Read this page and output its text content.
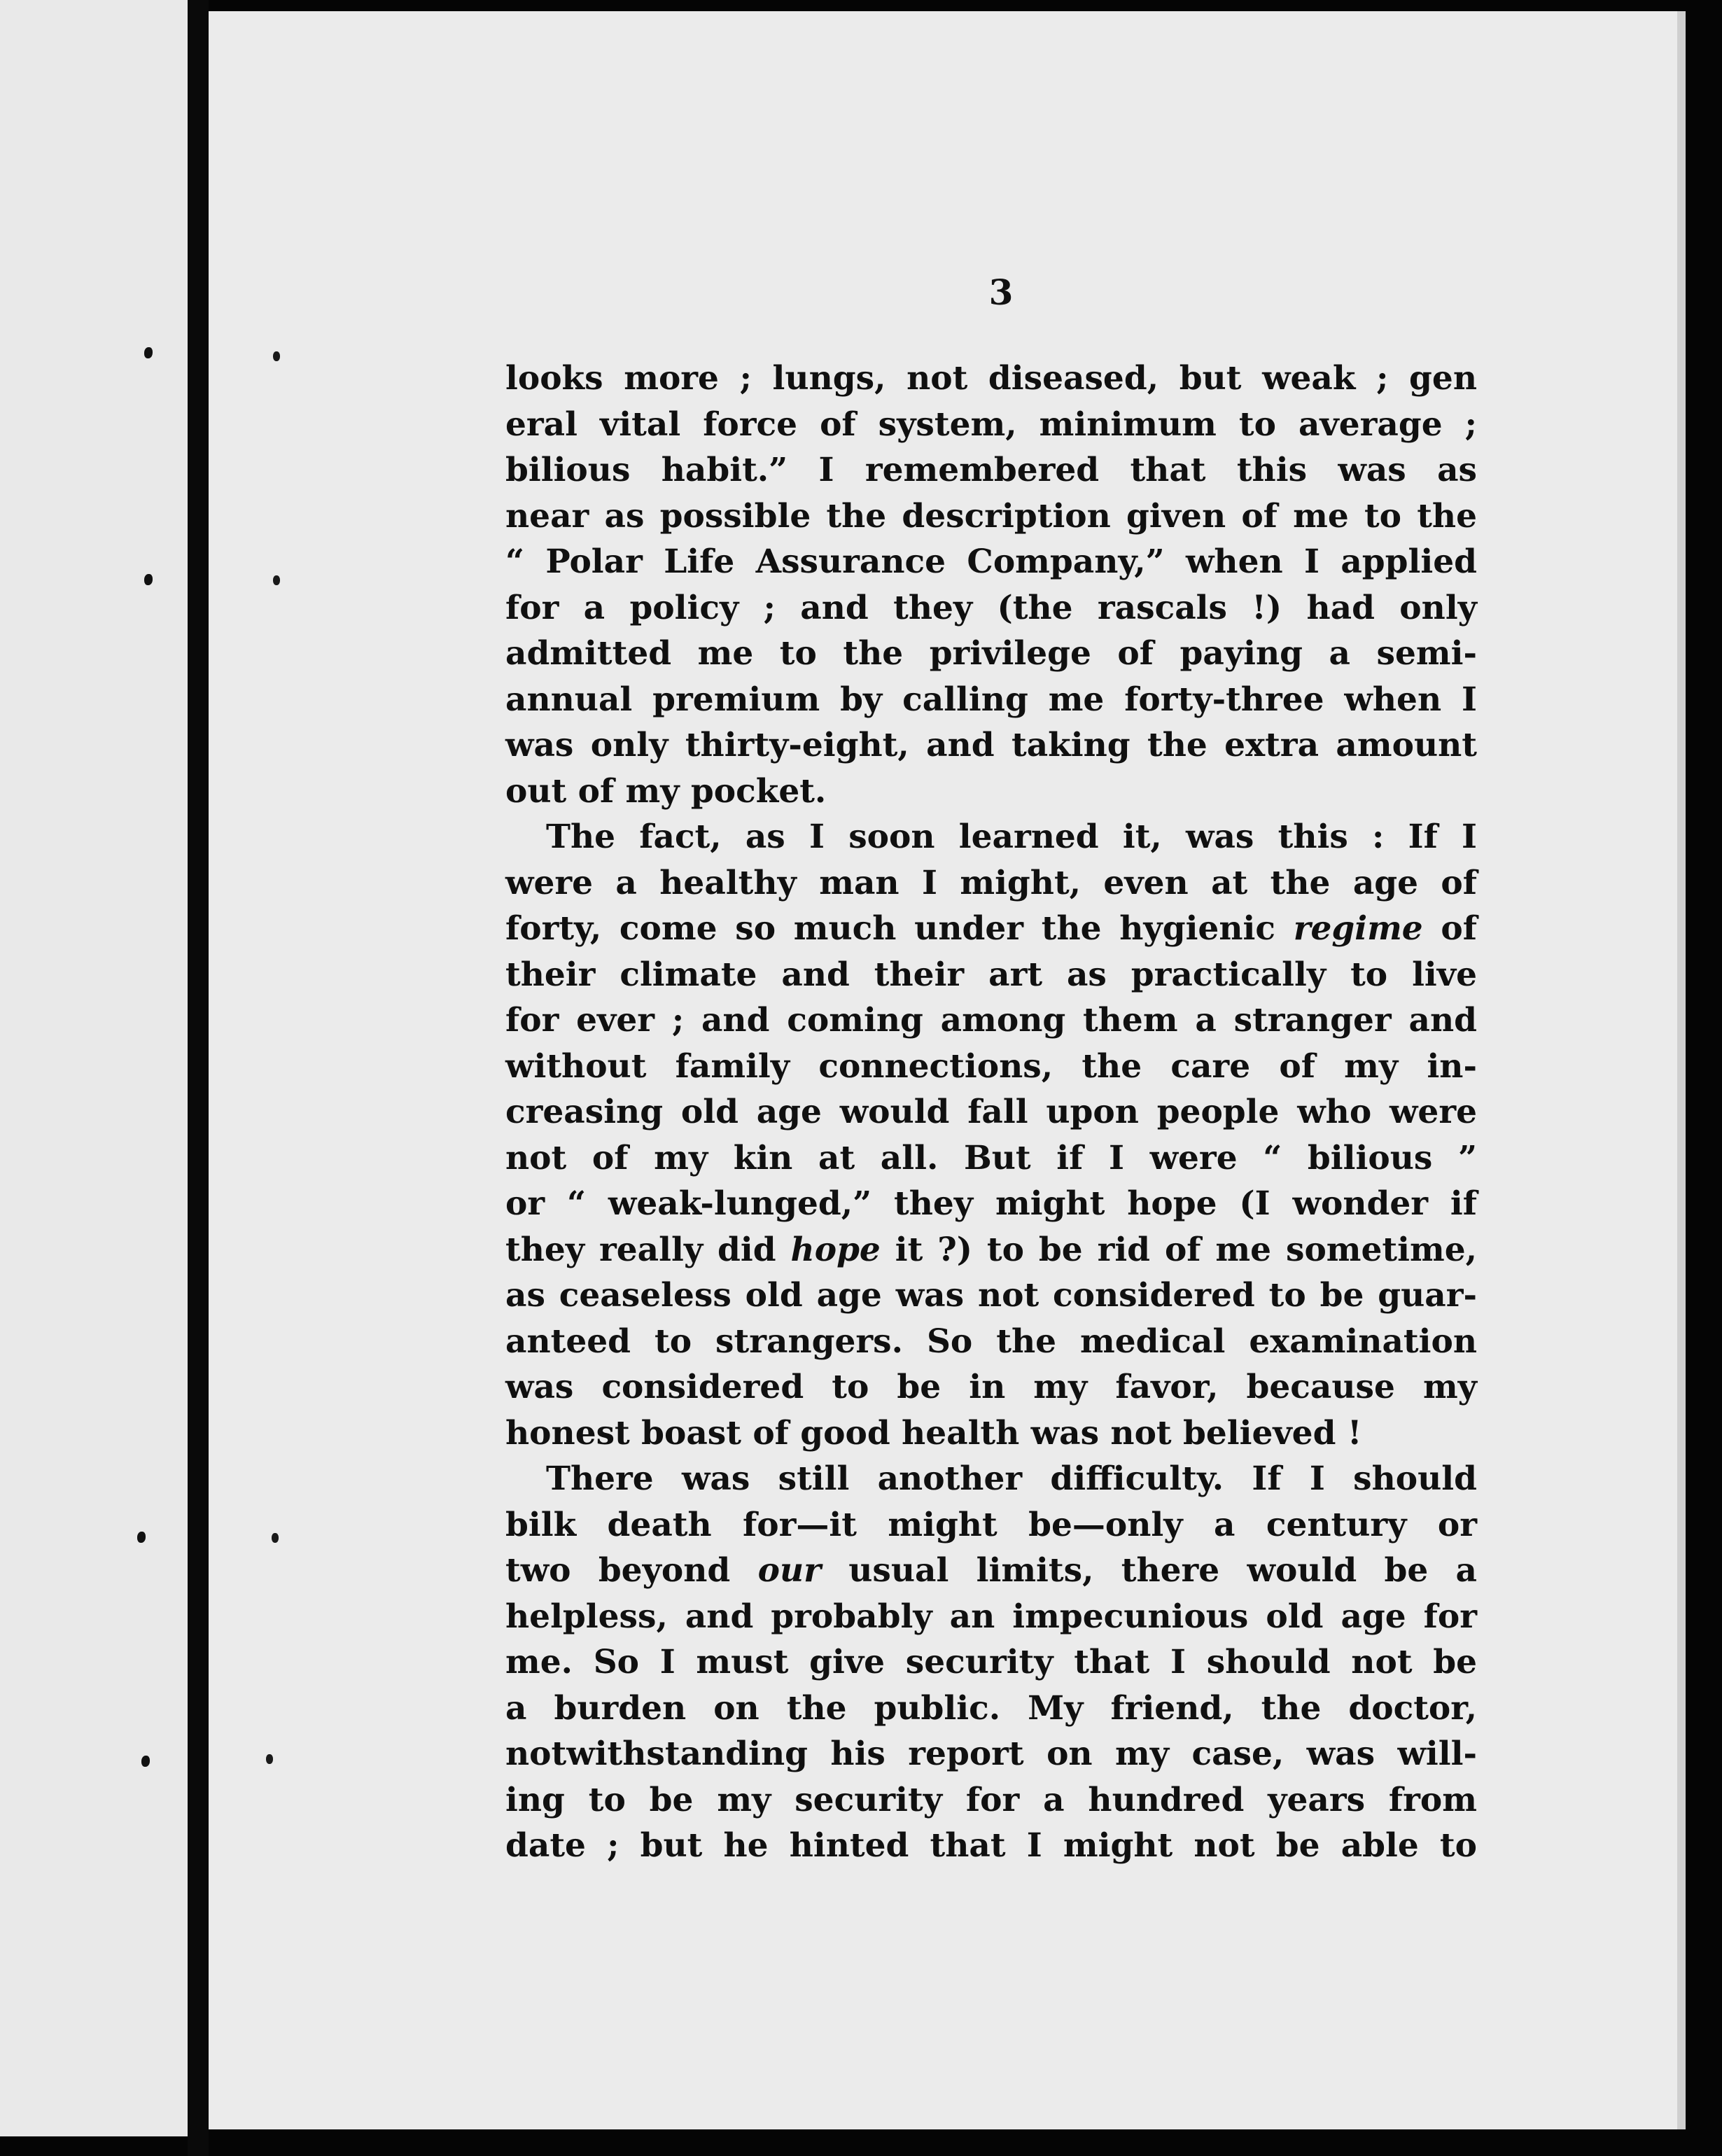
3
looks more ; lungs, not diseased, but weak ; gen
eral vital force of system, minimum to average ;
bilious habit.” I remembered that this was as
near as possible the description given of me to the
“ Polar Life Assurance Company,” when I applied
for a policy ; and they (the rascals !) had only
admitted me to the privilege of paying a semi-
annual premium by calling me forty-three when I
was only thirty-eight, and taking the extra amount
out of my pocket.
The fact, as I soon learned it, was this : If I
were a healthy man I might, even at the age of
forty, come so much under the hygienic regime of
their climate and their art as practically to live
for ever ; and coming among them a stranger and
without family connections, the care of my in-
creasing old age would fall upon people who were
not of my kin at all. But if I were “ bilious ”
or “ weak-lunged,” they might hope (I wonder if
they really did hope it ?) to be rid of me sometime,
as ceaseless old age was not considered to be guar-
anteed to strangers. So the medical examination
was considered to be in my favor, because my
honest boast of good health was not believed !
There was still another difficulty. If I should
bilk death for—it might be—only a century or
two beyond our usual limits, there would be a
helpless, and probably an impecunious old age for
me. So I must give security that I should not be
a burden on the public. My friend, the doctor,
notwithstanding his report on my case, was will-
ing to be my security for a hundred years from
date ; but he hinted that I might not be able to
